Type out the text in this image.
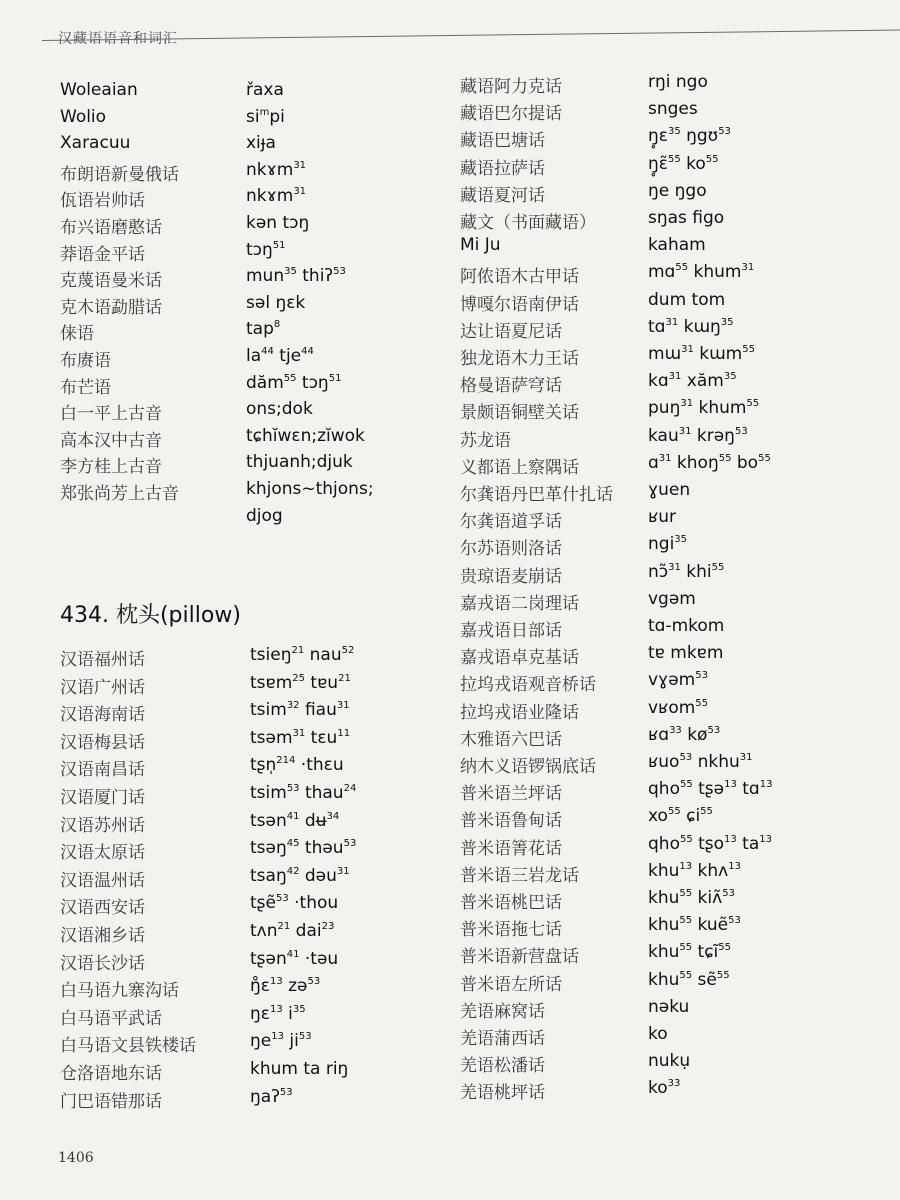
汉藏语语音和词汇
Woleaian	řaxa
Wolio	$si^mpi$
Xaracuu	xiɟa
布朗语新曼俄话	nkɤm$^{31}$
佤语岩帅话	nkɤm$^{31}$
布兴语磨憨话	kən tɔŋ
莽语金平话	tɔŋ$^{51}$
克蔑语曼米话	mun$^{35}$ thiʔ$^{53}$
克木语勐腊话	səl ŋɛk
俫语	tap$^8$
布赓语	$la^{44}$ tje$^{44}$
布芒语	dăm$^{55}$ tɔŋ$^{51}$
白一平上古音	ons;dok
高本汉中古音	tɕhĭwɛn;zĭwok
李方桂上古音	thjuanh;djuk
郑张尚芳上古音	khjons~thjons;
djog
434. 枕头(pillow)
汉语福州话	tsieŋ$^{21}$ nau$^{52}$
汉语广州话	tsɐm$^{25}$ tɐu$^{21}$
汉语海南话	tsim$^{32}$ fiau$^{31}$
汉语梅县话	tsəm$^{31}$ tɛu$^{11}$
汉语南昌话	tʂn̩$^{214}$ ·thɛu
汉语厦门话	tsim$^{53}$ thau$^{24}$
汉语苏州话	tsən$^{41}$ dʉ$^{34}$
汉语太原话	tsəŋ$^{45}$ thəu$^{53}$
汉语温州话	tsaŋ$^{42}$ dəu$^{31}$
汉语西安话	tʂẽ$^{53}$ ·thou
汉语湘乡话	tʌn$^{21}$ dai$^{23}$
汉语长沙话	tʂən$^{41}$ ·təu
白马语九寨沟话	ŋ̊ɛ$^{13}$ zə$^{53}$
白马语平武话	ŋɛ$^{13}$ $i^{35}$
白马语文县铁楼话	$ŋe^{13}$ $ji^{53}$
仓洛语地东话	khum ta riŋ
门巴语错那话	ŋaʔ$^{53}$
藏语阿力克话	rŋi ngo
藏语巴尔提话	snges
藏语巴塘话	ŋ̥ɛ$^{35}$ ŋgʊ$^{53}$
藏语拉萨话	ŋ̥ɛ̃$^{55}$ $ko^{55}$
藏语夏河话	ŋe ŋgo
藏文（书面藏语）	sŋas figo
Mi Ju	kaham
阿侬语木古甲话	mɑ$^{55}$ khum$^{31}$
博嘎尔语南伊话	dum tom
达让语夏尼话	tɑ$^{31}$ kɯŋ$^{35}$
独龙语木力王话	mɯ$^{31}$ kɯm$^{55}$
格曼语萨穹话	kɑ$^{31}$ xăm$^{35}$
景颇语铜壁关话	puŋ$^{31}$ khum$^{55}$
苏龙语	kau$^{31}$ krəŋ$^{53}$
义都语上察隅话	ɑ$^{31}$ khoŋ$^{55}$ $bo^{55}$
尔龚语丹巴革什扎话 ɣuen
尔龚语道孚话	ʁur
尔苏语则洛话	ngi$^{35}$
贵琼语麦崩话	nɔ̃$^{31}$ khi$^{55}$
嘉戎语二岗理话	vgəm
嘉戎语日部话	tɑ-mkom
嘉戎语卓克基话	tɐ mkɐm
拉坞戎语观音桥话	vɣəm$^{53}$
拉坞戎语业隆话	vʁom$^{55}$
木雅语六巴话	ʁɑ$^{33}$ $kø^{53}$
纳木义语锣锅底话	ʁuo$^{53}$ nkhu$^{31}$
普米语兰坪话	qho$^{55}$ tʂə$^{13}$ tɑ$^{13}$
普米语鲁甸话	$xo^{55}$ ɕi$^{55}$
普米语箐花话	qho$^{55}$ tʂo$^{13}$ $ta^{13}$
普米语三岩龙话	khu$^{13}$ khʌ$^{13}$
普米语桃巴话	khu$^{55}$ kiʌ̃$^{53}$
普米语拖七话	khu$^{55}$ kuẽ$^{53}$
普米语新营盘话	khu$^{55}$ tɕĩ$^{55}$
普米语左所话	khu$^{55}$ sẽ$^{55}$
羌语麻窝话	nəku
羌语蒲西话	ko
羌语松潘话	nukụ
羌语桃坪话	$ko^{33}$
1406
